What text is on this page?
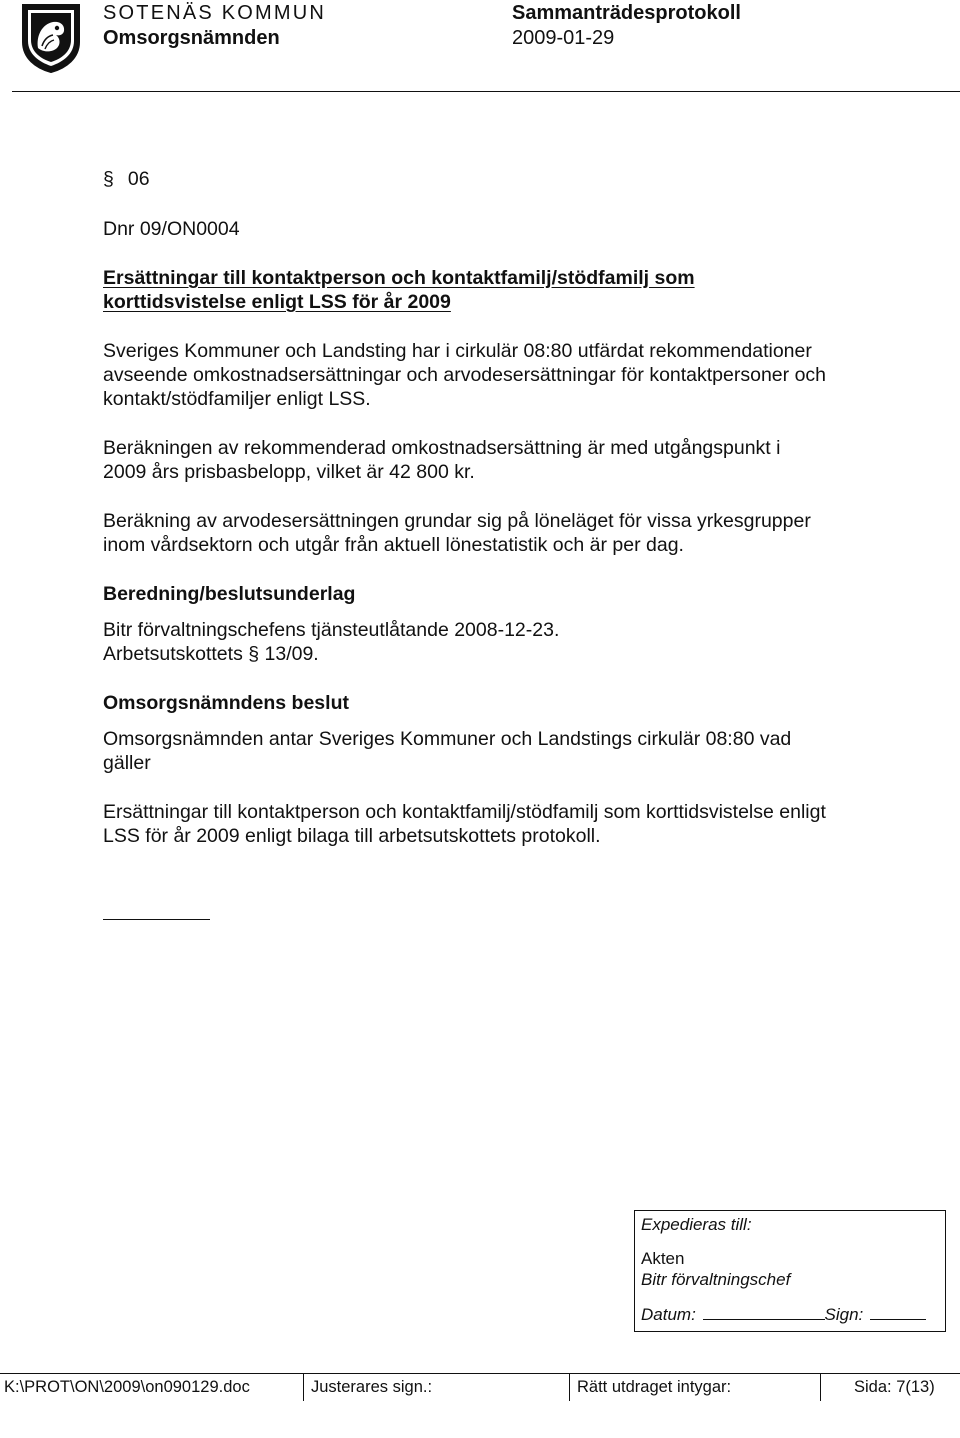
SOTENÄS KOMMUN
Omsorgsnämnden
Sammanträdesprotokoll
2009-01-29
§ 06
Dnr 09/ON0004
Ersättningar till kontaktperson och kontaktfamilj/stödfamilj som
korttidsvistelse enligt LSS för år 2009
Sveriges Kommuner och Landsting har i cirkulär 08:80 utfärdat rekommendationer
avseende omkostnadsersättningar och arvodesersättningar för kontaktpersoner och
kontakt/stödfamiljer enligt LSS.
Beräkningen av rekommenderad omkostnadsersättning är med utgångspunkt i
2009 års prisbasbelopp, vilket är 42 800 kr.
Beräkning av arvodesersättningen grundar sig på löneläget för vissa yrkesgrupper
inom vårdsektorn och utgår från aktuell lönestatistik och är per dag.
Beredning/beslutsunderlag
Bitr förvaltningschefens tjänsteutlåtande 2008-12-23.
Arbetsutskottets § 13/09.
Omsorgsnämndens beslut
Omsorgsnämnden antar Sveriges Kommuner och Landstings cirkulär 08:80 vad
gäller
Ersättningar till kontaktperson och kontaktfamilj/stödfamilj som korttidsvistelse enligt
LSS för år 2009 enligt bilaga till arbetsutskottets protokoll.
Expedieras till:
Akten
Bitr förvaltningschef
Datum:	Sign:
K:\PROT\ON\2009\on090129.doc	Justerares sign.:	Rätt utdraget intygar:	Sida: 7(13)
